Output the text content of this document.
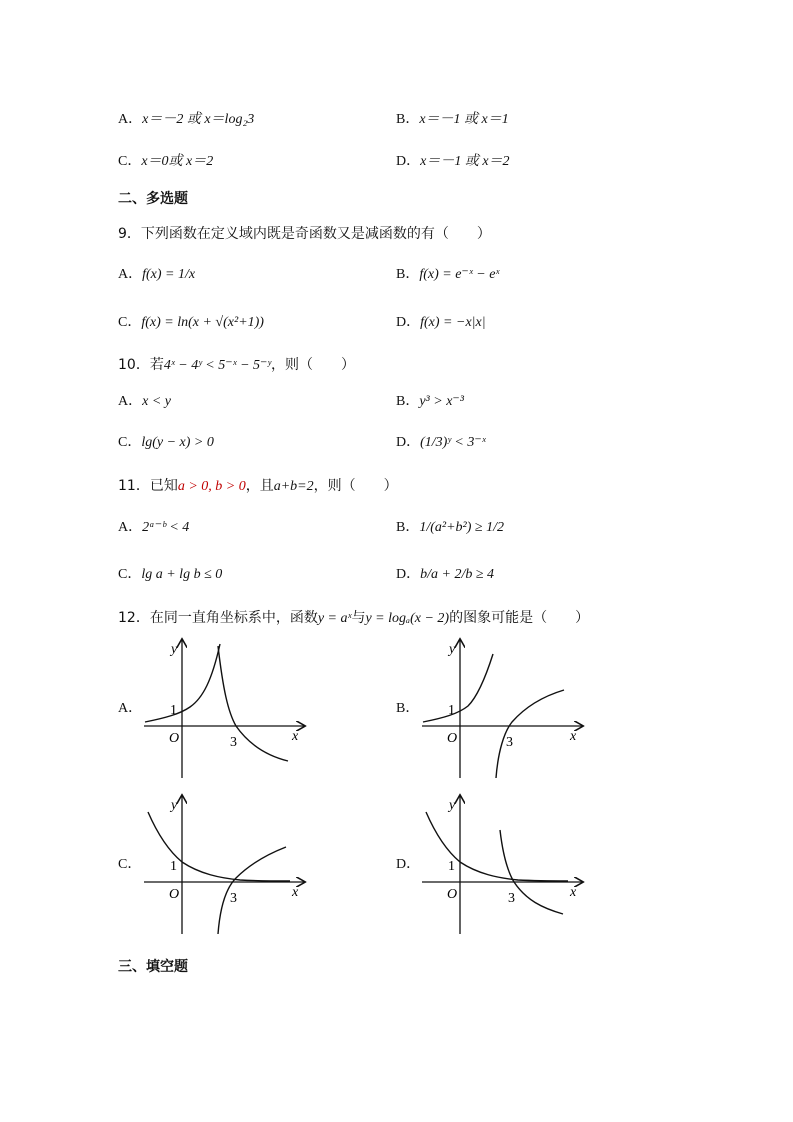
A．x＝－2 或 x＝log₂3	B．x＝－1 或 x＝1
C．x＝0或 x＝2	D．x＝－1 或 x＝2
二、多选题
9．下列函数在定义域内既是奇函数又是减函数的有（　　）
A．f(x) = 1/x	B．f(x) = e⁻ˣ − eˣ
C．f(x) = ln(x + √(x²+1))	D．f(x) = −x|x|
10．若4ˣ − 4ʸ < 5⁻ˣ − 5⁻ʸ，则（　　）
A．x < y	B．y³ > x⁻³
C．lg(y − x) > 0	D．(1/3)ʸ < 3⁻ˣ
11．已知a > 0, b > 0，且a+b=2，则（　　）
A．2ᵃ⁻ᵇ < 4	B．1/(a²+b²) ≥ 1/2
C．lg a + lg b ≤ 0	D．b/a + 2/b ≥ 4
12．在同一直角坐标系中，函数y = aˣ与y = logₐ(x − 2)的图象可能是（　　）
A．
y
x
O
1
3
B．
y
x
O
1
3
C．
y
x
O
1
3
D．
y
x
O
1
3
三、填空题
